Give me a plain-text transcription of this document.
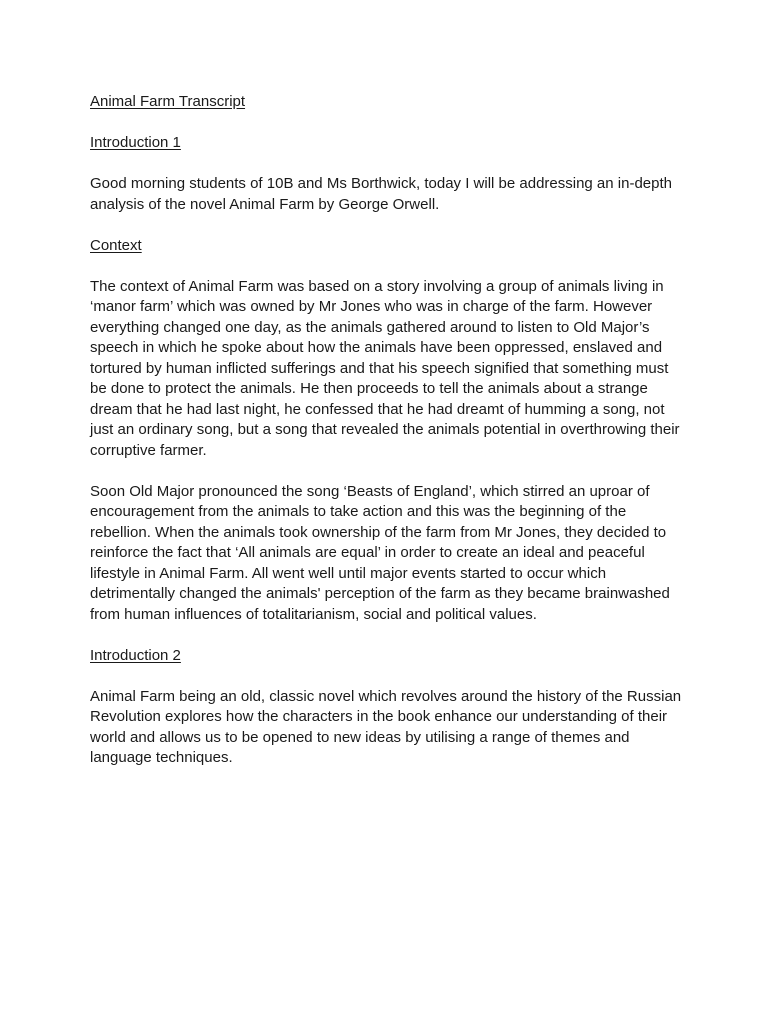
Animal Farm Transcript

Introduction 1

Good morning students of 10B and Ms Borthwick, today I will be addressing an in-depth analysis of the novel Animal Farm by George Orwell.

Context

The context of Animal Farm was based on a story involving a group of animals living in ‘manor farm’ which was owned by Mr Jones who was in charge of the farm. However everything changed one day, as the animals gathered around to listen to Old Major’s speech in which he spoke about how the animals have been oppressed, enslaved and tortured by human inflicted sufferings and that his speech signified that something must be done to protect the animals. He then proceeds to tell the animals about a strange dream that he had last night, he confessed that he had dreamt of humming a song, not just an ordinary song, but a song that revealed the animals potential in overthrowing their corruptive farmer.

Soon Old Major pronounced the song ‘Beasts of England’, which stirred an uproar of encouragement from the animals to take action and this was the beginning of the rebellion. When the animals took ownership of the farm from Mr Jones, they decided to reinforce the fact that ‘All animals are equal’ in order to create an ideal and peaceful lifestyle in Animal Farm. All went well until major events started to occur which detrimentally changed the animals' perception of the farm as they became brainwashed from human influences of totalitarianism, social and political values.

Introduction 2

Animal Farm being an old, classic novel which revolves around the history of the Russian Revolution explores how the characters in the book enhance our understanding of their world and allows us to be opened to new ideas by utilising a range of themes and language techniques.
